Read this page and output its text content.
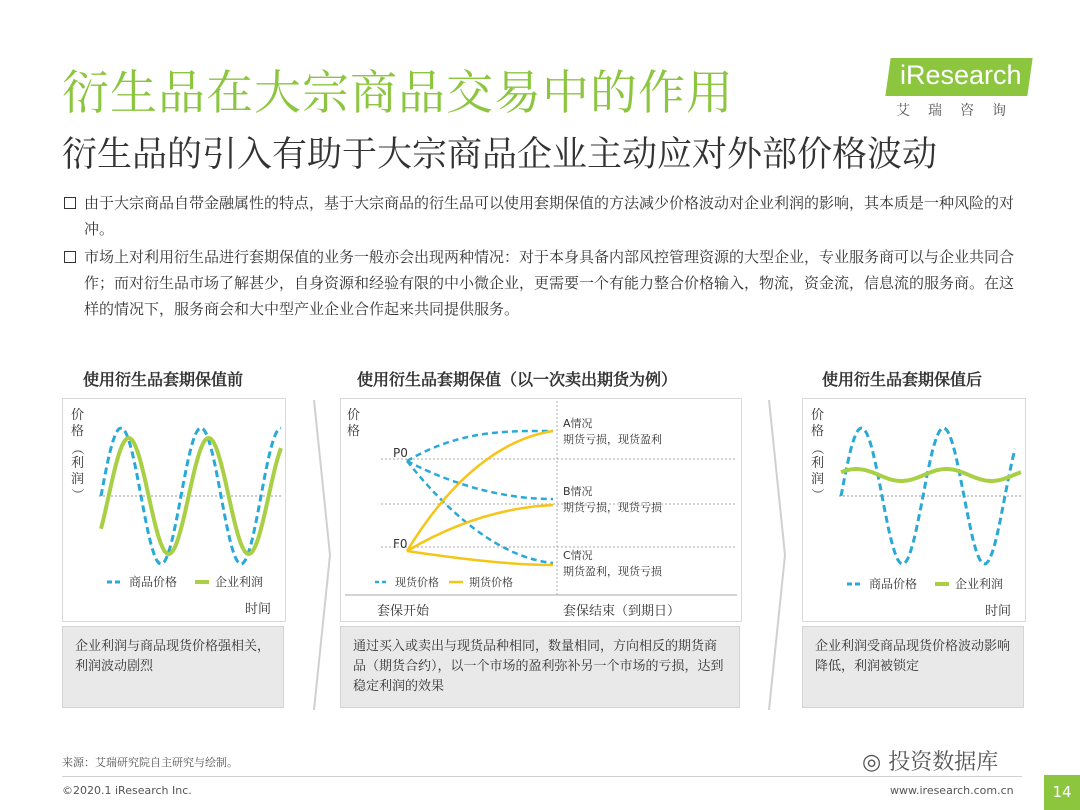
衍生品在大宗商品交易中的作用
衍生品的引入有助于大宗商品企业主动应对外部价格波动
iResearch
艾瑞咨询
由于大宗商品自带金融属性的特点，基于大宗商品的衍生品可以使用套期保值的方法减少价格波动对企业利润的影响，其本质是一种风险的对冲。
市场上对利用衍生品进行套期保值的业务一般亦会出现两种情况：对于本身具备内部风控管理资源的大型企业，专业服务商可以与企业共同合作；而对衍生品市场了解甚少，自身资源和经验有限的中小微企业，更需要一个有能力整合价格输入，物流，资金流，信息流的服务商。在这样的情况下，服务商会和大中型产业企业合作起来共同提供服务。
使用衍生品套期保值前
价
格
（
利
润
）
商品价格	企业利润
时间
企业利润与商品现货价格强相关，利润波动剧烈
使用衍生品套期保值（以一次卖出期货为例）
价
格
P0
F0
A情况
期货亏损，现货盈利
B情况
期货亏损，现货亏损
C情况
期货盈利，现货亏损
现货价格	期货价格
套保开始	套保结束（到期日）
通过买入或卖出与现货品种相同，数量相同，方向相反的期货商品（期货合约），以一个市场的盈利弥补另一个市场的亏损，达到稳定利润的效果
使用衍生品套期保值后
价
格
（
利
润
）
商品价格	企业利润
时间
企业利润受商品现货价格波动影响降低，利润被锁定
来源：艾瑞研究院自主研究与绘制。	◎ 投资数据库
©2020.1 iResearch Inc.	www.iresearch.com.cn	14
